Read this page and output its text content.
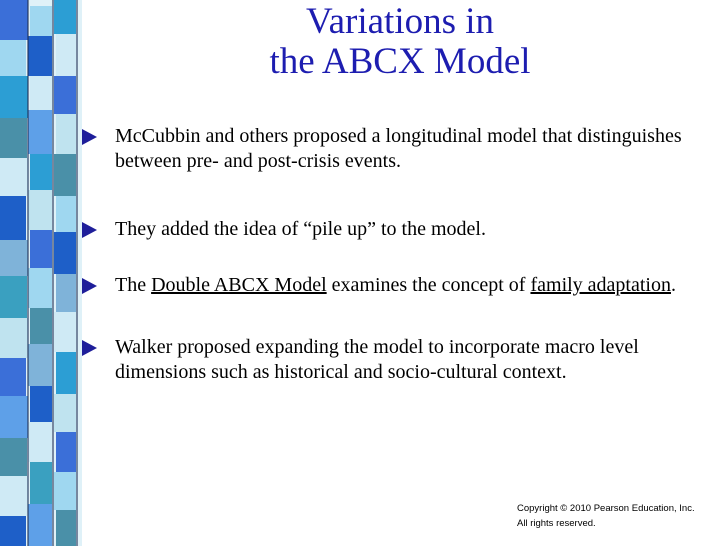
Variations in
the ABCX Model
McCubbin and others proposed a longitudinal model that distinguishes between pre- and post-crisis events.
They added the idea of “pile up” to the model.
The Double ABCX Model examines the concept of family adaptation.
Walker proposed expanding the model to incorporate macro level dimensions such as historical and socio-cultural context.
Copyright © 2010 Pearson Education, Inc.
All rights reserved.
